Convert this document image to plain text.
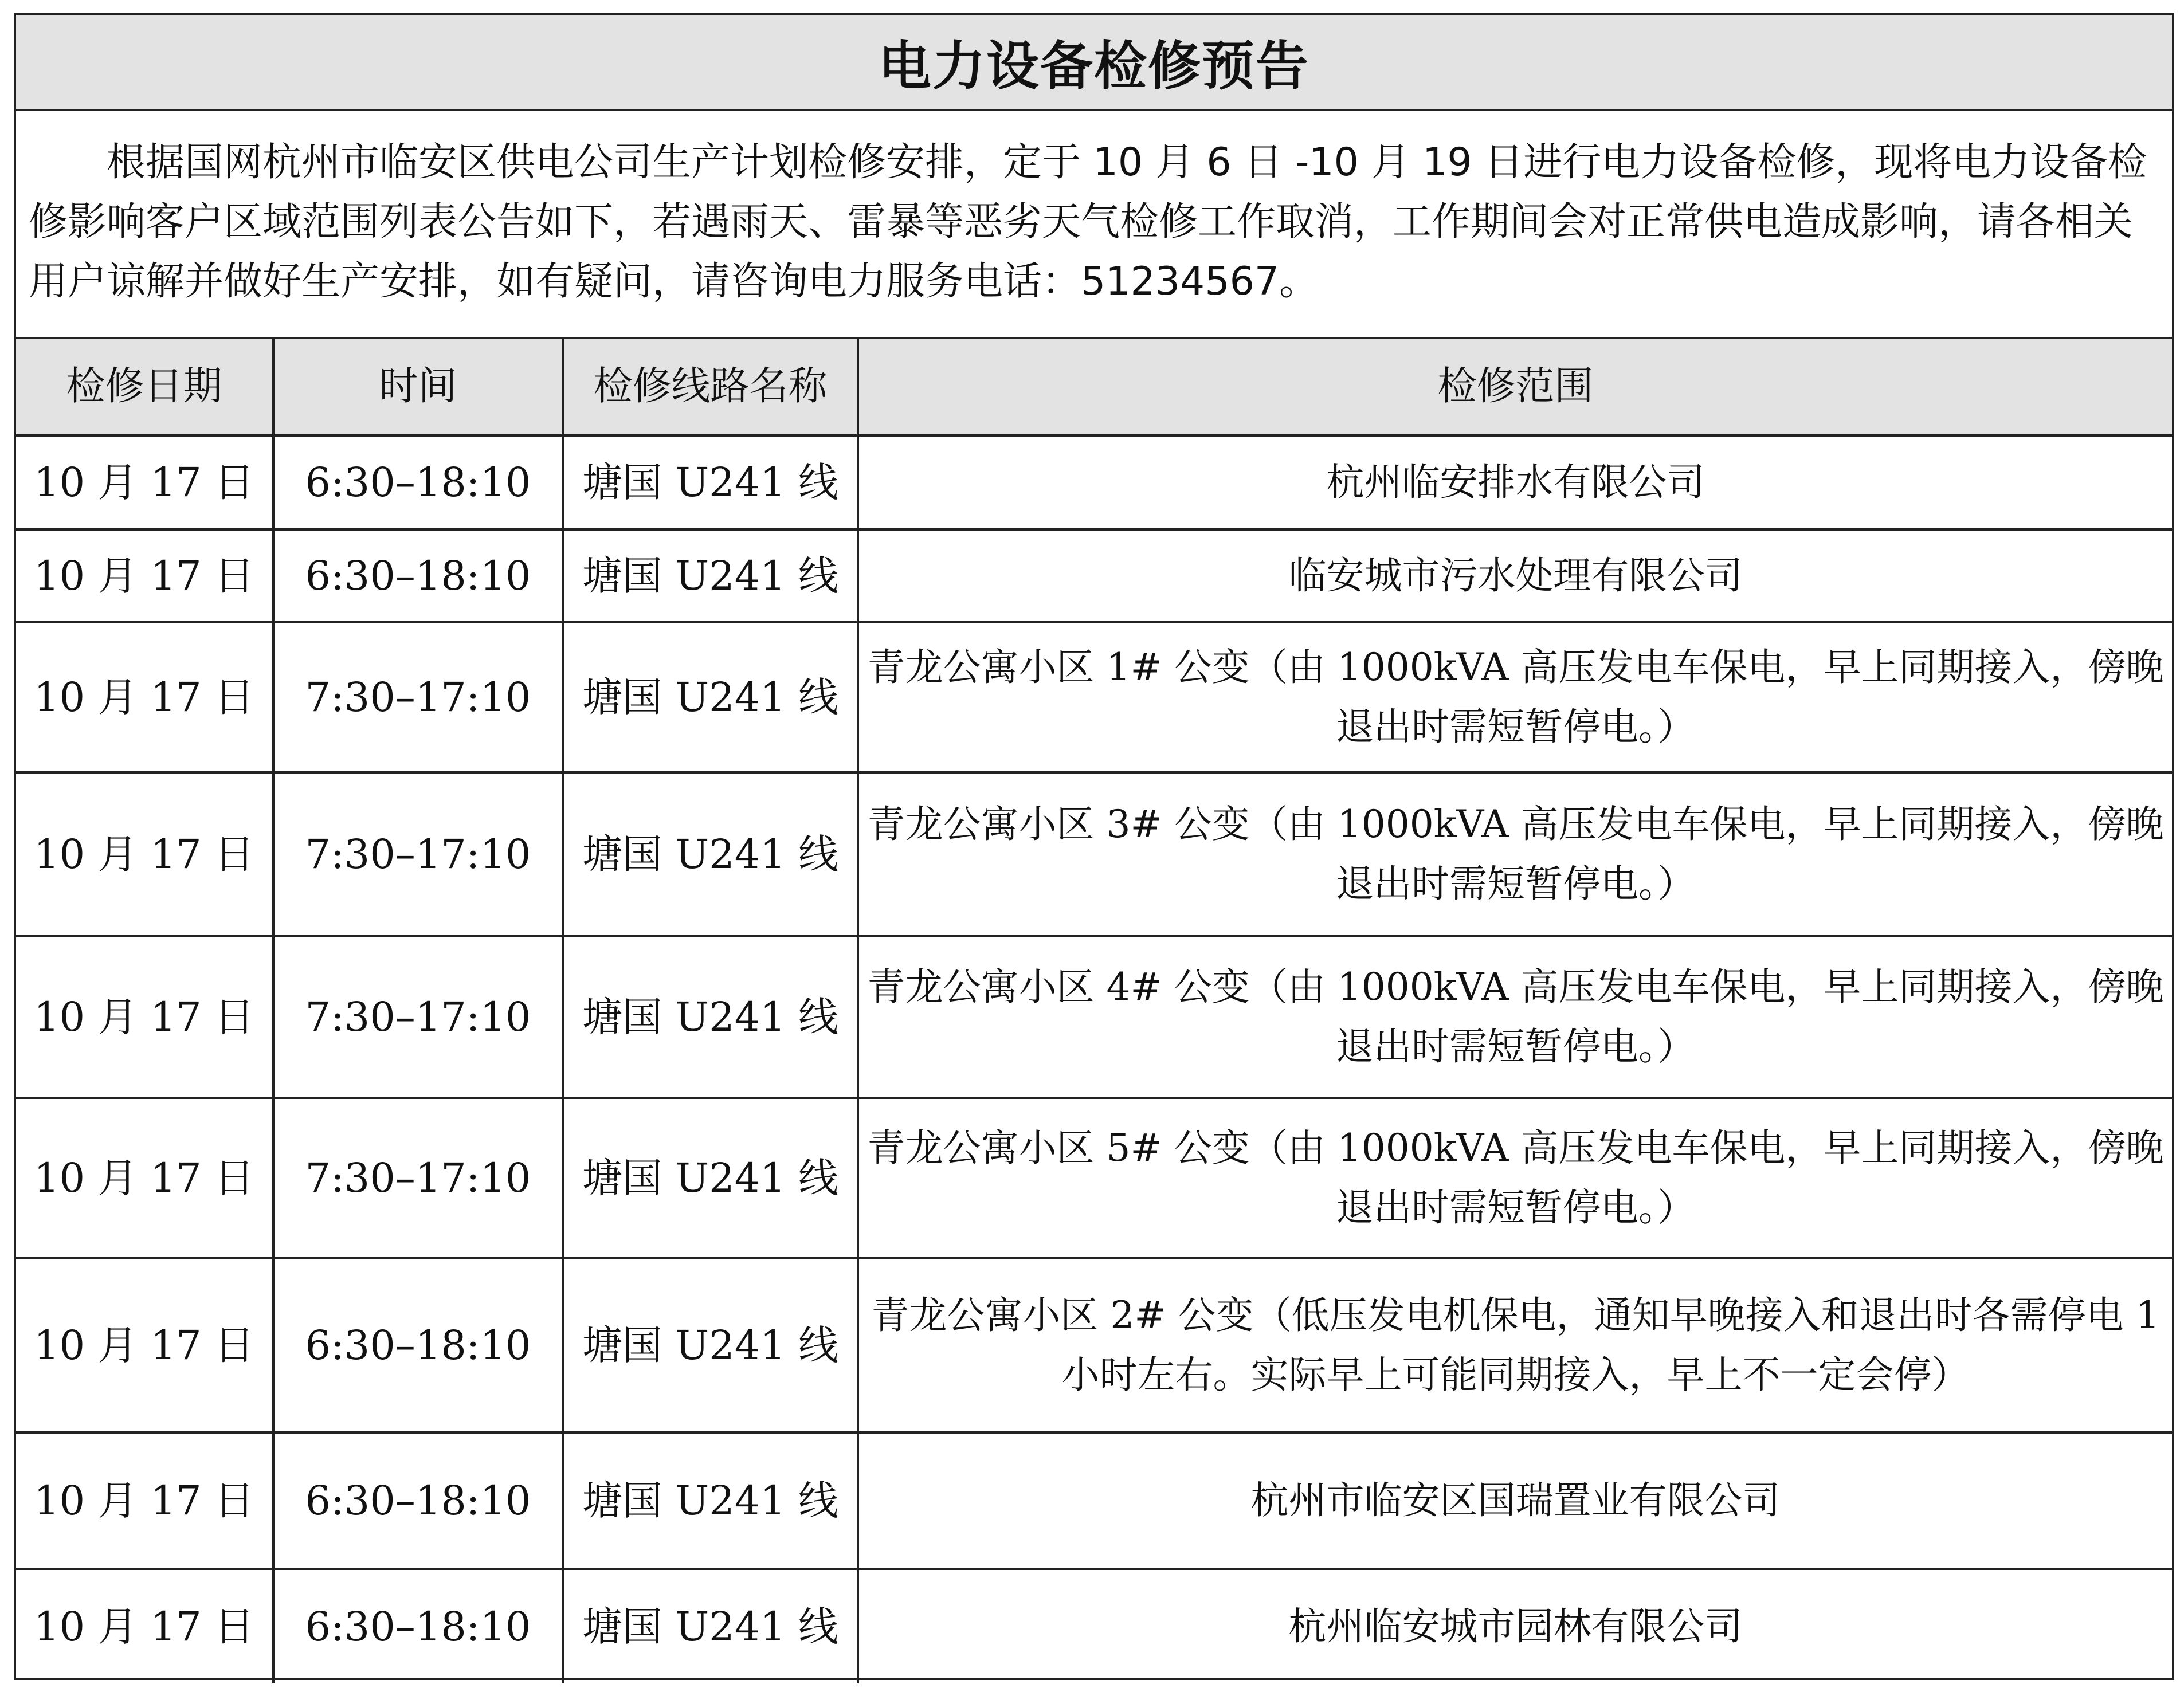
电力设备检修预告
根据国网杭州市临安区供电公司生产计划检修安排，定于 10 月 6 日 -10 月 19 日进行电力设备检修，现将电力设备检修影响客户区域范围列表公告如下，若遇雨天、雷暴等恶劣天气检修工作取消，工作期间会对正常供电造成影响，请各相关用户谅解并做好生产安排，如有疑问，请咨询电力服务电话：51234567。
检修日期	时间	检修线路名称	检修范围
10 月 17 日	6:30–18:10	塘国 U241 线	杭州临安排水有限公司
10 月 17 日	6:30–18:10	塘国 U241 线	临安城市污水处理有限公司
10 月 17 日	7:30–17:10	塘国 U241 线	青龙公寓小区 1# 公变（由 1000kVA 高压发电车保电，早上同期接入，傍晚退出时需短暂停电。）
10 月 17 日	7:30–17:10	塘国 U241 线	青龙公寓小区 3# 公变（由 1000kVA 高压发电车保电，早上同期接入，傍晚退出时需短暂停电。）
10 月 17 日	7:30–17:10	塘国 U241 线	青龙公寓小区 4# 公变（由 1000kVA 高压发电车保电，早上同期接入，傍晚退出时需短暂停电。）
10 月 17 日	7:30–17:10	塘国 U241 线	青龙公寓小区 5# 公变（由 1000kVA 高压发电车保电，早上同期接入，傍晚退出时需短暂停电。）
10 月 17 日	6:30–18:10	塘国 U241 线	青龙公寓小区 2# 公变（低压发电机保电，通知早晚接入和退出时各需停电 1 小时左右。实际早上可能同期接入，早上不一定会停）
10 月 17 日	6:30–18:10	塘国 U241 线	杭州市临安区国瑞置业有限公司
10 月 17 日	6:30–18:10	塘国 U241 线	杭州临安城市园林有限公司
